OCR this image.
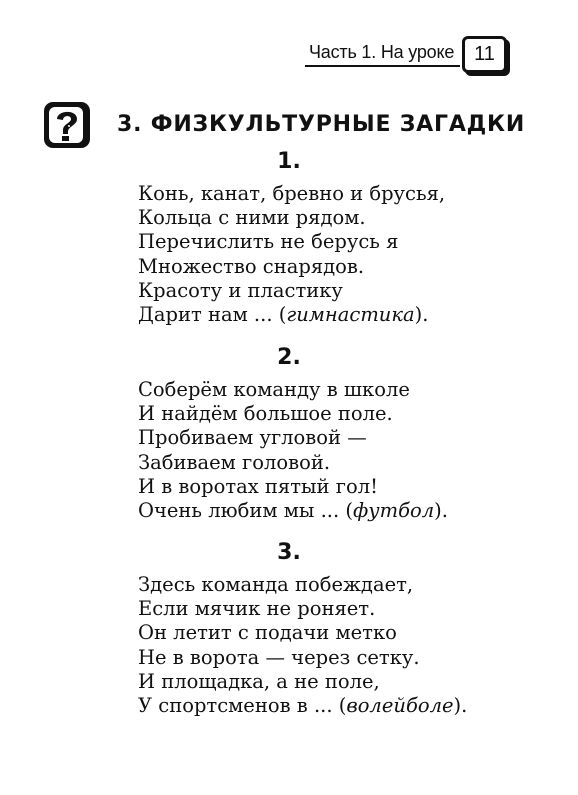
Часть 1. На уроке	11
3. ФИЗКУЛЬТУРНЫЕ ЗАГАДКИ
1.
Конь, канат, бревно и брусья,
Кольца с ними рядом.
Перечислить не берусь я
Множество снарядов.
Красоту и пластику
Дарит нам ... (гимнастика).
2.
Соберём команду в школе
И найдём большое поле.
Пробиваем угловой —
Забиваем головой.
И в воротах пятый гол!
Очень любим мы ... (футбол).
3.
Здесь команда побеждает,
Если мячик не роняет.
Он летит с подачи метко
Не в ворота — через сетку.
И площадка, а не поле,
У спортсменов в ... (волейболе).
